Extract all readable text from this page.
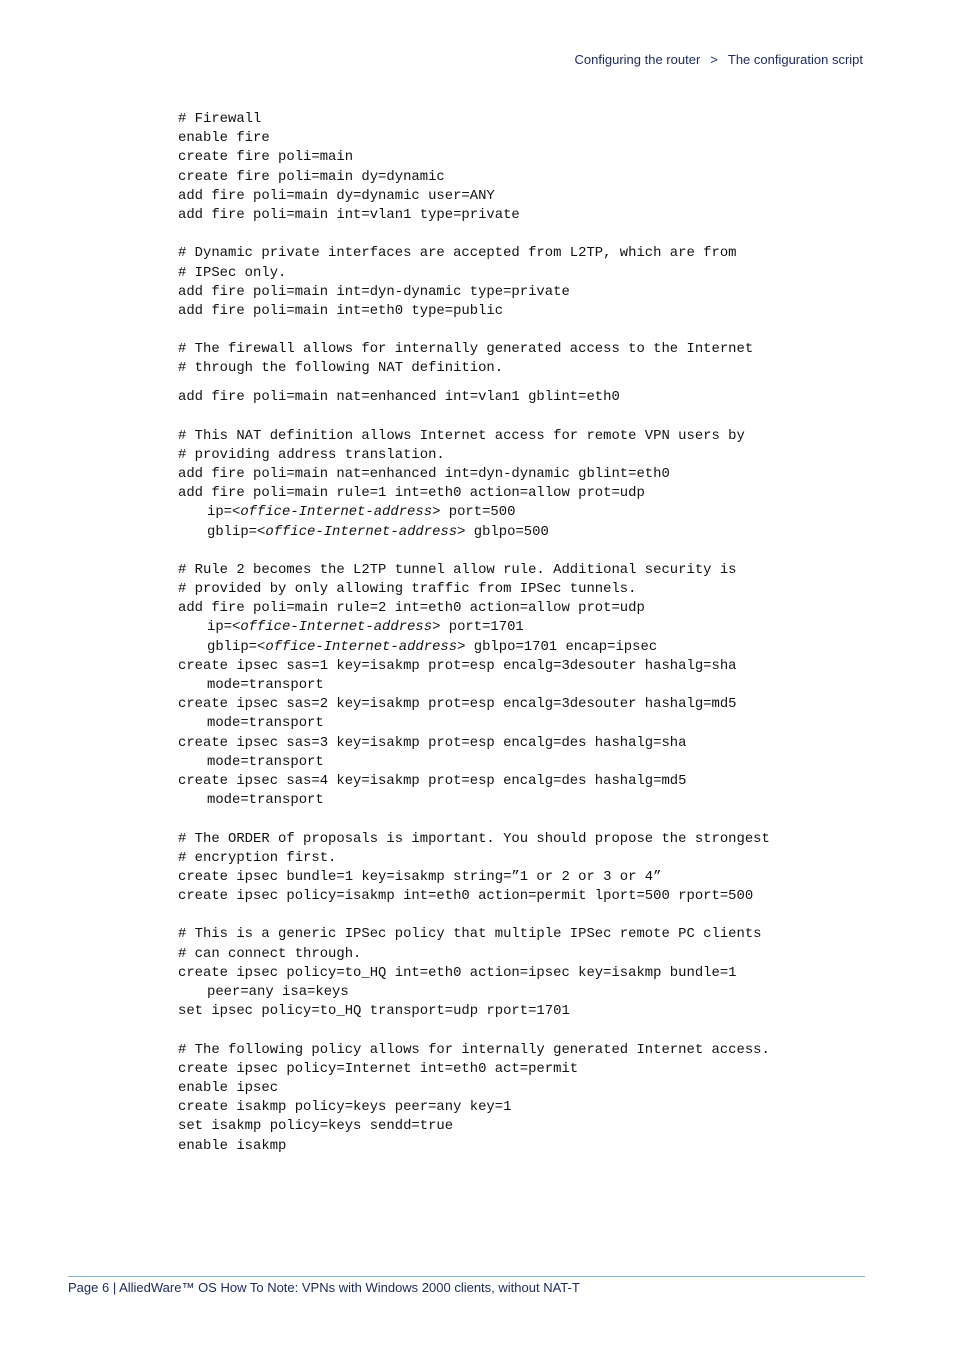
Configuring the router > The configuration script
# Firewall
enable fire
create fire poli=main
create fire poli=main dy=dynamic
add fire poli=main dy=dynamic user=ANY
add fire poli=main int=vlan1 type=private
# Dynamic private interfaces are accepted from L2TP, which are from
# IPSec only.
add fire poli=main int=dyn-dynamic type=private
add fire poli=main int=eth0 type=public
# The firewall allows for internally generated access to the Internet
# through the following NAT definition.
add fire poli=main nat=enhanced int=vlan1 gblint=eth0
# This NAT definition allows Internet access for remote VPN users by
# providing address translation.
add fire poli=main nat=enhanced int=dyn-dynamic gblint=eth0
add fire poli=main rule=1 int=eth0 action=allow prot=udp
ip=<office-Internet-address> port=500
gblip=<office-Internet-address> gblpo=500
# Rule 2 becomes the L2TP tunnel allow rule. Additional security is
# provided by only allowing traffic from IPSec tunnels.
add fire poli=main rule=2 int=eth0 action=allow prot=udp
ip=<office-Internet-address> port=1701
gblip=<office-Internet-address> gblpo=1701 encap=ipsec
create ipsec sas=1 key=isakmp prot=esp encalg=3desouter hashalg=sha
mode=transport
create ipsec sas=2 key=isakmp prot=esp encalg=3desouter hashalg=md5
mode=transport
create ipsec sas=3 key=isakmp prot=esp encalg=des hashalg=sha
mode=transport
create ipsec sas=4 key=isakmp prot=esp encalg=des hashalg=md5
mode=transport
# The ORDER of proposals is important. You should propose the strongest
# encryption first.
create ipsec bundle=1 key=isakmp string=”1 or 2 or 3 or 4”
create ipsec policy=isakmp int=eth0 action=permit lport=500 rport=500
# This is a generic IPSec policy that multiple IPSec remote PC clients
# can connect through.
create ipsec policy=to_HQ int=eth0 action=ipsec key=isakmp bundle=1
peer=any isa=keys
set ipsec policy=to_HQ transport=udp rport=1701
# The following policy allows for internally generated Internet access.
create ipsec policy=Internet int=eth0 act=permit
enable ipsec
create isakmp policy=keys peer=any key=1
set isakmp policy=keys sendd=true
enable isakmp
Page 6 | AlliedWare™ OS How To Note: VPNs with Windows 2000 clients, without NAT-T
